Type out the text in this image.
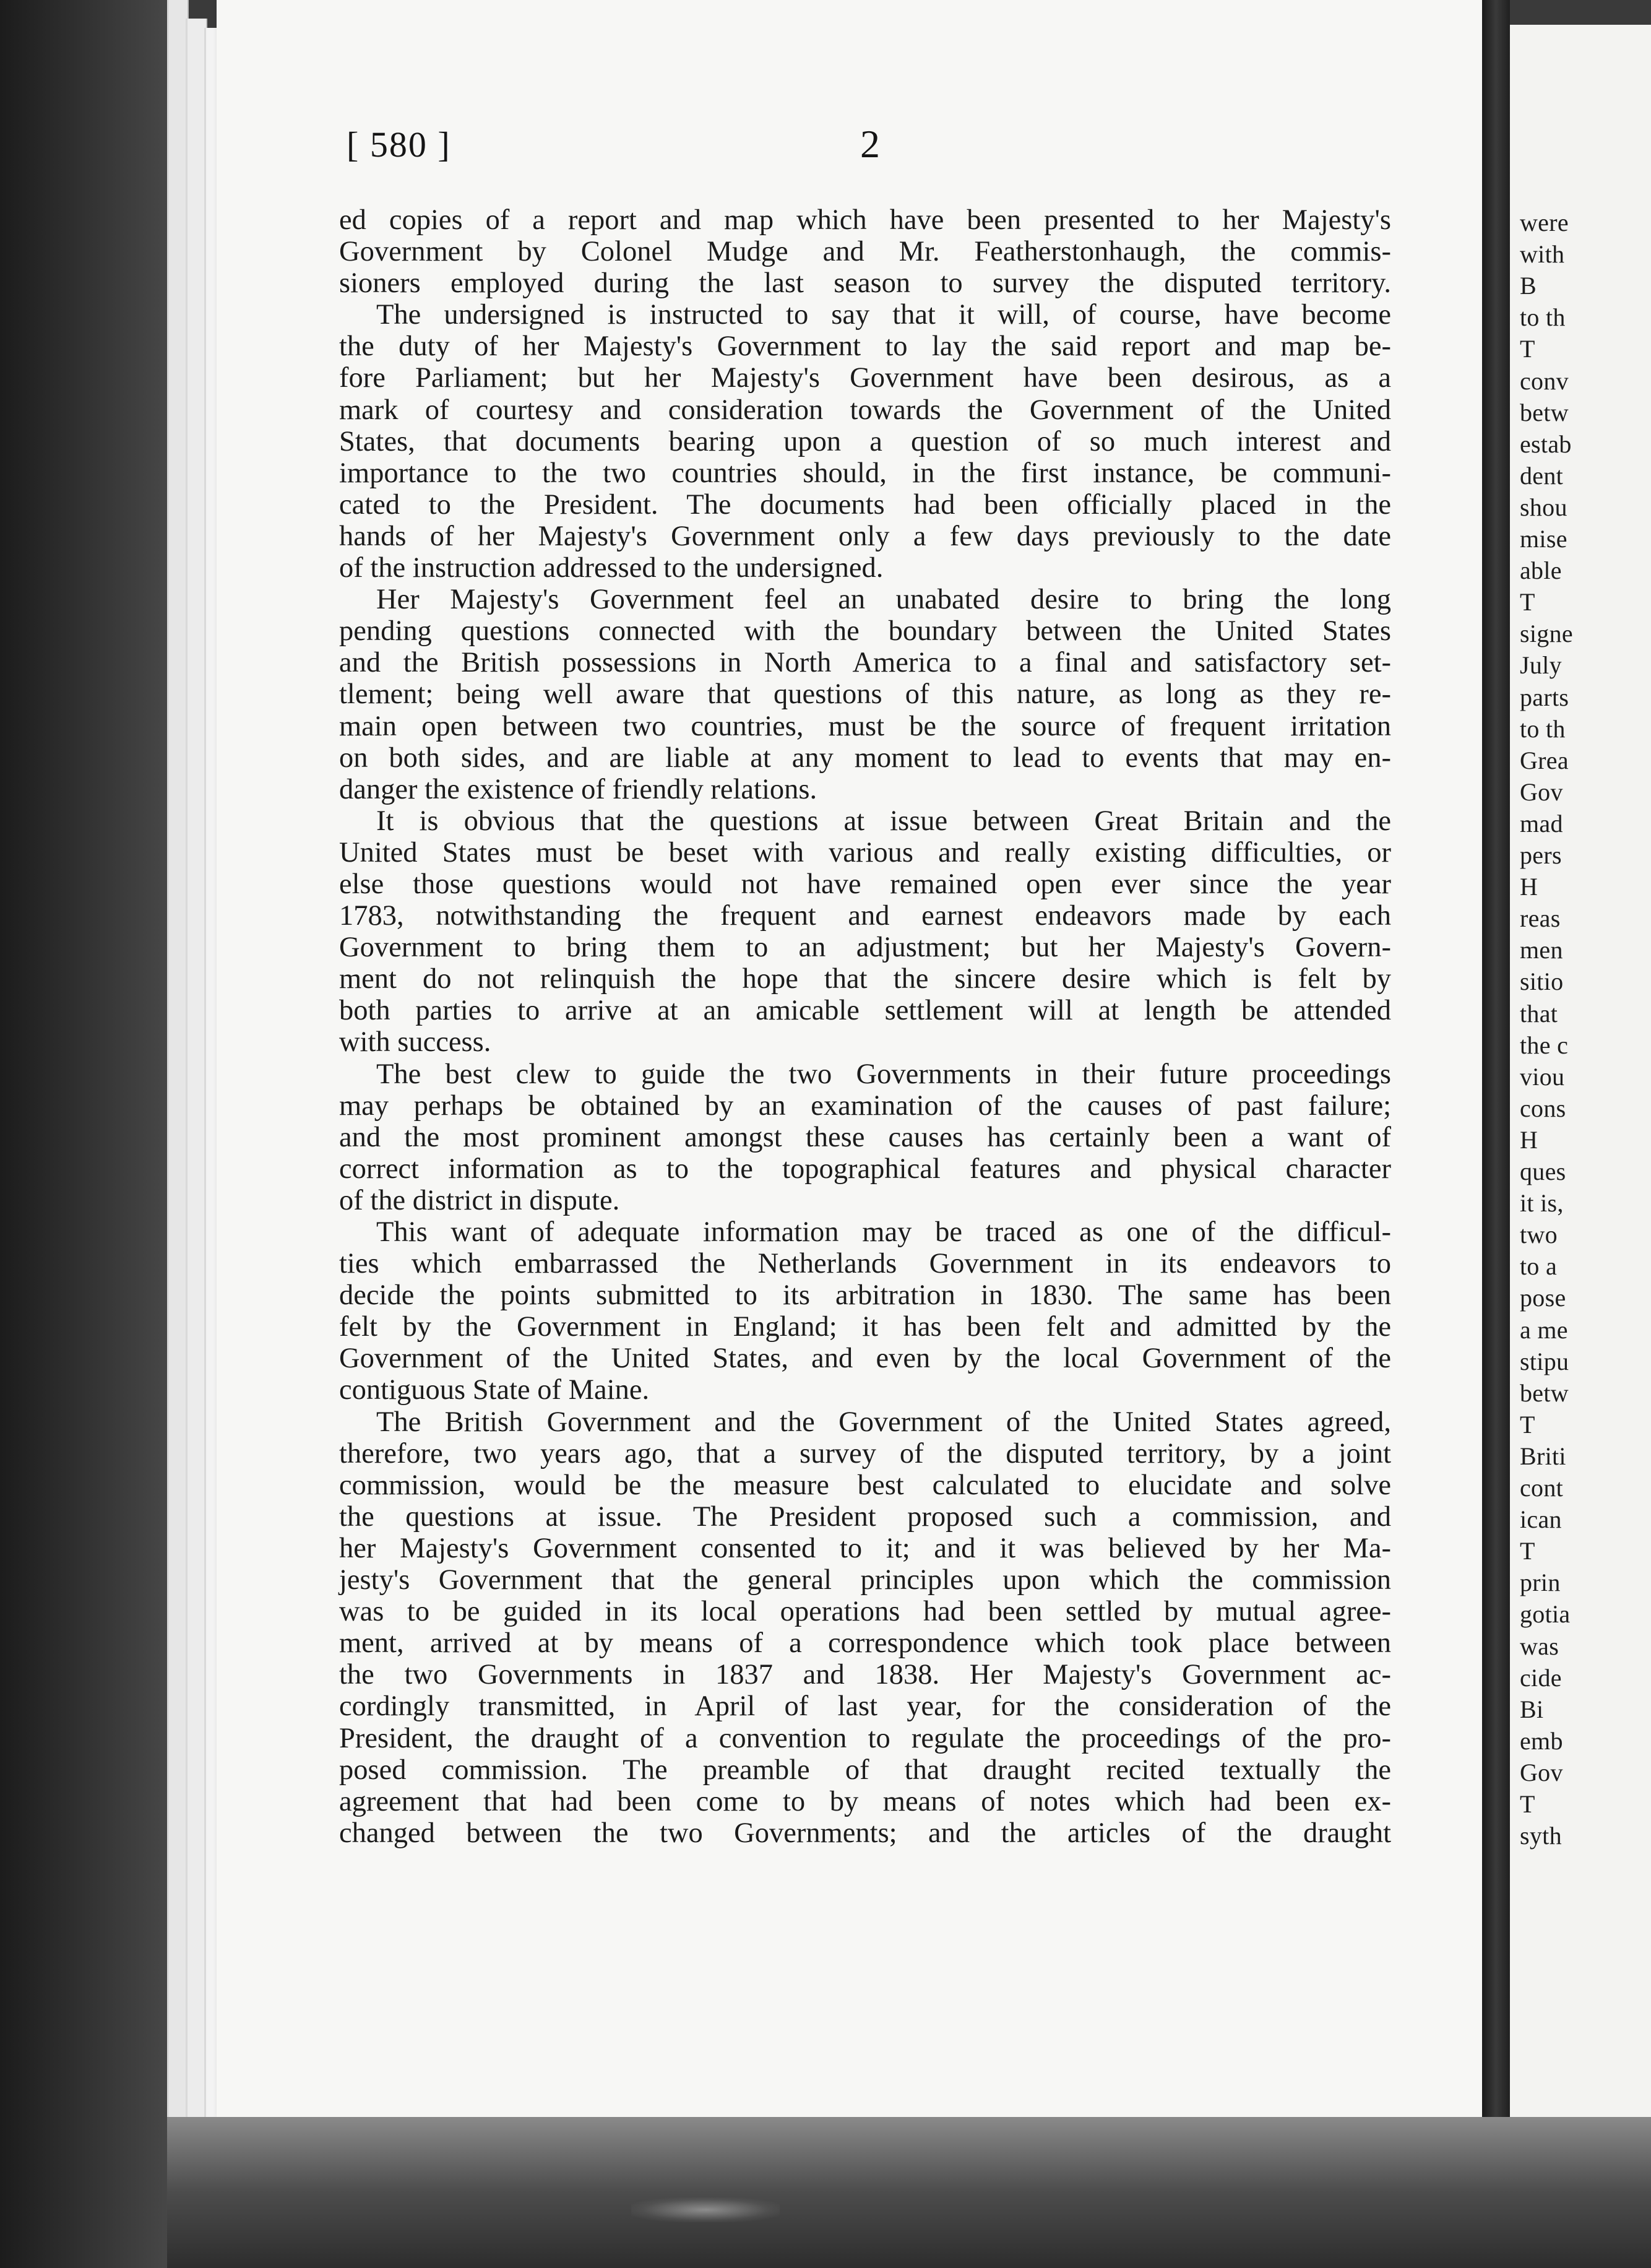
were
with
B
to th
T
conv
betw
estab
dent
shou
mise
able
T
signe
July
parts
to th
Grea
Gov
mad
pers
H
reas
men
sitio
that
the c
viou
cons
H
ques
it is,
two
to a
pose
a me
stipu
betw
T
Briti
cont
ican
T
prin
gotia
was
cide
Bi
emb
Gov
T
syth
[ 580 ]	2
ed copies of a report and map which have been presented to her Majesty's
Government by Colonel Mudge and Mr. Featherstonhaugh, the commis-
sioners employed during the last season to survey the disputed territory.
The undersigned is instructed to say that it will, of course, have become
the duty of her Majesty's Government to lay the said report and map be-
fore Parliament; but her Majesty's Government have been desirous, as a
mark of courtesy and consideration towards the Government of the United
States, that documents bearing upon a question of so much interest and
importance to the two countries should, in the first instance, be communi-
cated to the President. The documents had been officially placed in the
hands of her Majesty's Government only a few days previously to the date
of the instruction addressed to the undersigned.
Her Majesty's Government feel an unabated desire to bring the long
pending questions connected with the boundary between the United States
and the British possessions in North America to a final and satisfactory set-
tlement; being well aware that questions of this nature, as long as they re-
main open between two countries, must be the source of frequent irritation
on both sides, and are liable at any moment to lead to events that may en-
danger the existence of friendly relations.
It is obvious that the questions at issue between Great Britain and the
United States must be beset with various and really existing difficulties, or
else those questions would not have remained open ever since the year
1783, notwithstanding the frequent and earnest endeavors made by each
Government to bring them to an adjustment; but her Majesty's Govern-
ment do not relinquish the hope that the sincere desire which is felt by
both parties to arrive at an amicable settlement will at length be attended
with success.
The best clew to guide the two Governments in their future proceedings
may perhaps be obtained by an examination of the causes of past failure;
and the most prominent amongst these causes has certainly been a want of
correct information as to the topographical features and physical character
of the district in dispute.
This want of adequate information may be traced as one of the difficul-
ties which embarrassed the Netherlands Government in its endeavors to
decide the points submitted to its arbitration in 1830. The same has been
felt by the Government in England; it has been felt and admitted by the
Government of the United States, and even by the local Government of the
contiguous State of Maine.
The British Government and the Government of the United States agreed,
therefore, two years ago, that a survey of the disputed territory, by a joint
commission, would be the measure best calculated to elucidate and solve
the questions at issue. The President proposed such a commission, and
her Majesty's Government consented to it; and it was believed by her Ma-
jesty's Government that the general principles upon which the commission
was to be guided in its local operations had been settled by mutual agree-
ment, arrived at by means of a correspondence which took place between
the two Governments in 1837 and 1838. Her Majesty's Government ac-
cordingly transmitted, in April of last year, for the consideration of the
President, the draught of a convention to regulate the proceedings of the pro-
posed commission. The preamble of that draught recited textually the
agreement that had been come to by means of notes which had been ex-
changed between the two Governments; and the articles of the draught
